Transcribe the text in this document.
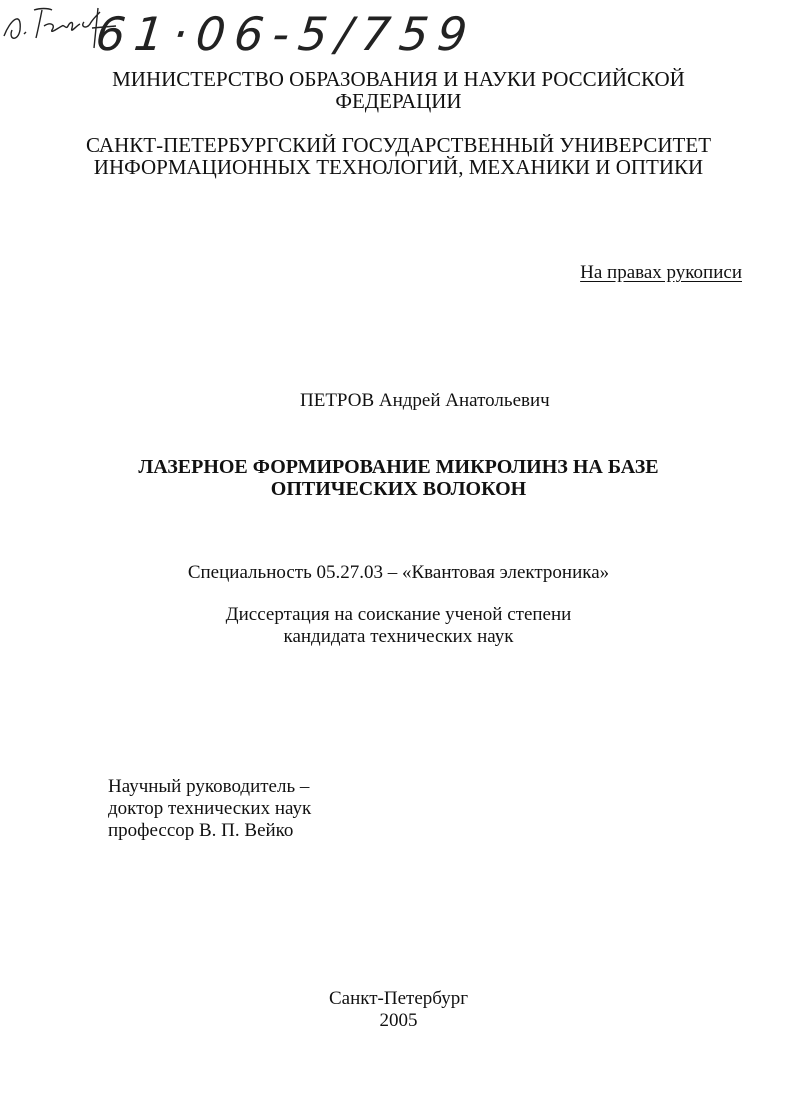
61·06-5/759
МИНИСТЕРСТВО ОБРАЗОВАНИЯ И НАУКИ РОССИЙСКОЙ
ФЕДЕРАЦИИ
САНКТ-ПЕТЕРБУРГСКИЙ ГОСУДАРСТВЕННЫЙ УНИВЕРСИТЕТ
ИНФОРМАЦИОННЫХ ТЕХНОЛОГИЙ, МЕХАНИКИ И ОПТИКИ
На правах рукописи
ПЕТРОВ Андрей Анатольевич
ЛАЗЕРНОЕ ФОРМИРОВАНИЕ МИКРОЛИНЗ НА БАЗЕ
ОПТИЧЕСКИХ ВОЛОКОН
Специальность 05.27.03 – «Квантовая электроника»
Диссертация на соискание ученой степени
кандидата технических наук
Научный руководитель –
доктор технических наук
профессор В. П. Вейко
Санкт-Петербург
2005
